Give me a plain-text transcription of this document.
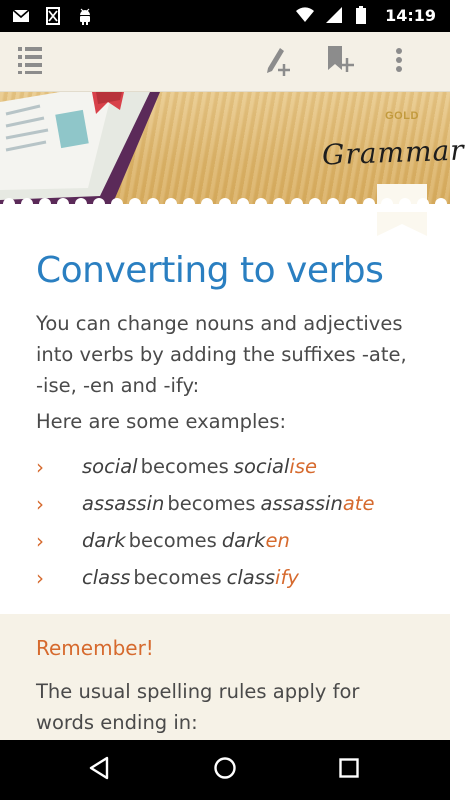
14:19
GOLD
Grammar
Converting to verbs

You can change nouns and adjectives into verbs by adding the suffixes -ate, -ise, -en and -ify:

Here are some examples:

›	social becomes social ise
›	assassin becomes assassin ate
›	dark becomes dark en
›	class becomes class ify
Remember!
The usual spelling rules apply for words ending in:
